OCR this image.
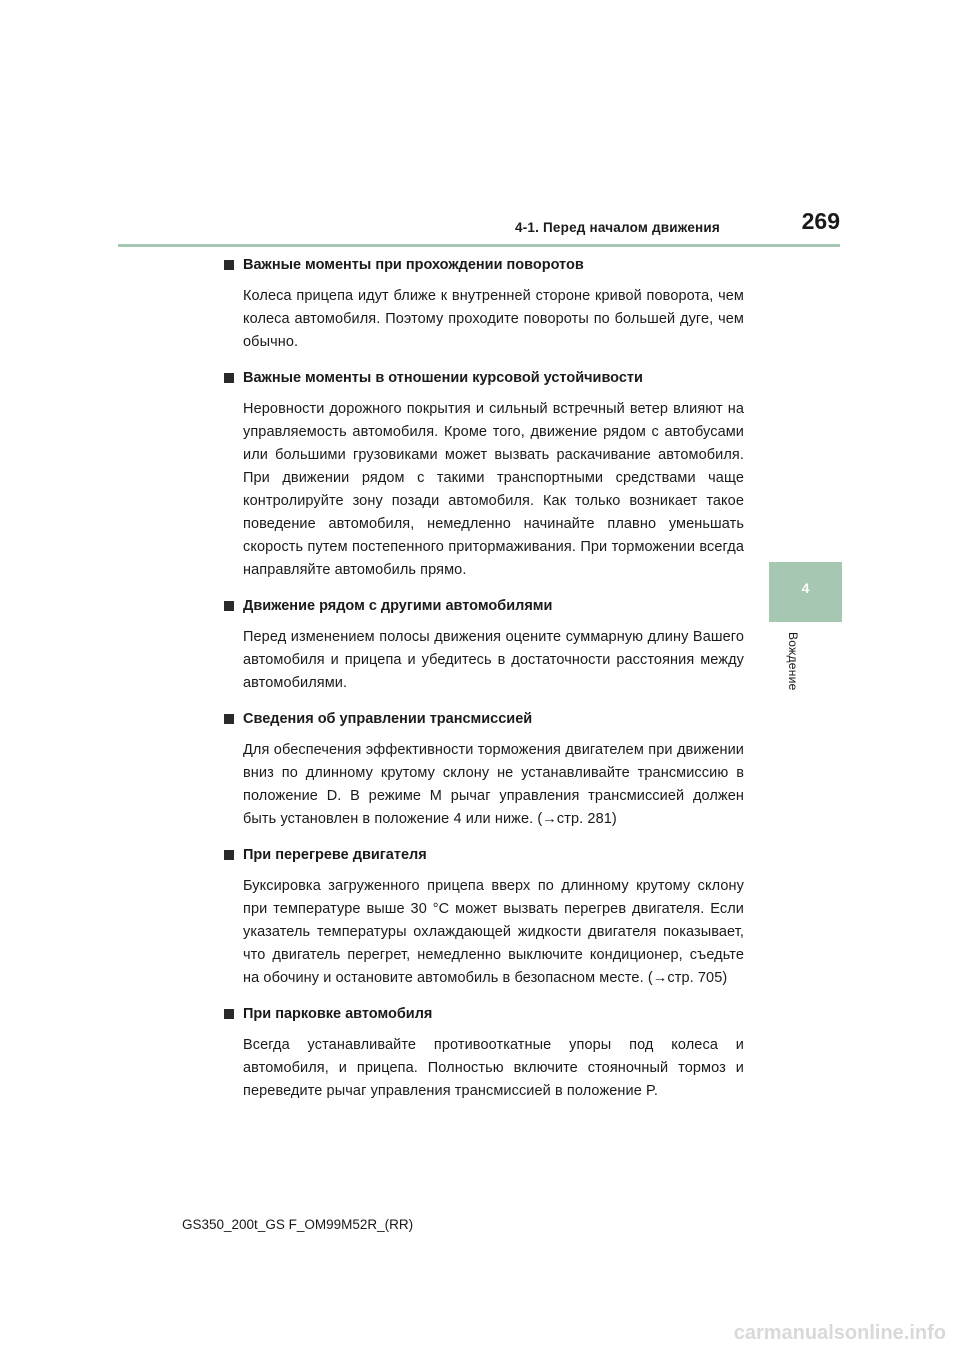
4-1. Перед началом движения	269
4
Вождение
Важные моменты при прохождении поворотов

Колеса прицепа идут ближе к внутренней стороне кривой поворота, чем колеса автомобиля. Поэтому проходите повороты по большей дуге, чем обычно.

Важные моменты в отношении курсовой устойчивости

Неровности дорожного покрытия и сильный встречный ветер влияют на управляемость автомобиля. Кроме того, движение рядом с автобусами или большими грузовиками может вызвать раскачивание автомобиля. При движении рядом с такими транспортными средствами чаще контролируйте зону позади автомобиля. Как только возникает такое поведение автомобиля, немедленно начинайте плавно уменьшать скорость путем постепенного притормаживания. При торможении всегда направляйте автомобиль прямо.

Движение рядом с другими автомобилями

Перед изменением полосы движения оцените суммарную длину Вашего автомобиля и прицепа и убедитесь в достаточности расстояния между автомобилями.

Сведения об управлении трансмиссией

Для обеспечения эффективности торможения двигателем при движении вниз по длинному крутому склону не устанавливайте трансмиссию в положение D. В режиме M рычаг управления трансмиссией должен быть установлен в положение 4 или ниже. (→стр. 281)

При перегреве двигателя

Буксировка загруженного прицепа вверх по длинному крутому склону при температуре выше 30 °C может вызвать перегрев двигателя. Если указатель температуры охлаждающей жидкости двигателя показывает, что двигатель перегрет, немедленно выключите кондиционер, съедьте на обочину и остановите автомобиль в безопасном месте. (→стр. 705)

При парковке автомобиля

Всегда устанавливайте противооткатные упоры под колеса и автомобиля, и прицепа. Полностью включите стояночный тормоз и переведите рычаг управления трансмиссией в положение P.

GS350_200t_GS F_OM99M52R_(RR)
carmanualsonline.info
